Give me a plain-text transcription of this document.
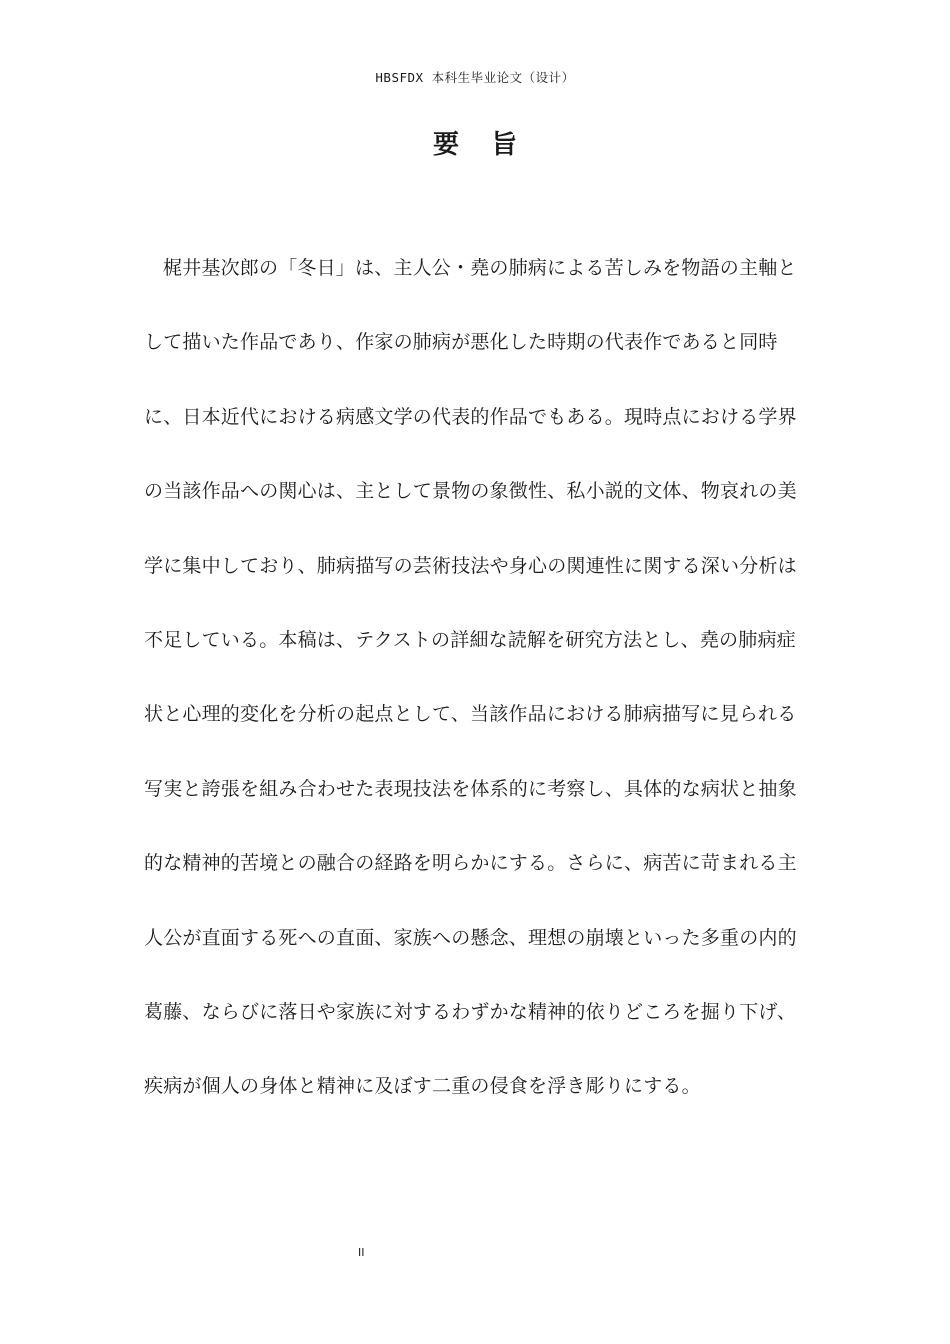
HBSFDX 本科生毕业论文（设计）
要旨
梶井基次郎の「冬日」は、主人公・堯の肺病による苦しみを物語の主軸と
して描いた作品であり、作家の肺病が悪化した時期の代表作であると同時
に、日本近代における病感文学の代表的作品でもある。現時点における学界
の当該作品への関心は、主として景物の象徴性、私小説的文体、物哀れの美
学に集中しており、肺病描写の芸術技法や身心の関連性に関する深い分析は
不足している。本稿は、テクストの詳細な読解を研究方法とし、堯の肺病症
状と心理的変化を分析の起点として、当該作品における肺病描写に見られる
写実と誇張を組み合わせた表現技法を体系的に考察し、具体的な病状と抽象
的な精神的苦境との融合の経路を明らかにする。さらに、病苦に苛まれる主
人公が直面する死への直面、家族への懸念、理想の崩壊といった多重の内的
葛藤、ならびに落日や家族に対するわずかな精神的依りどころを掘り下げ、
疾病が個人の身体と精神に及ぼす二重の侵食を浮き彫りにする。
II
